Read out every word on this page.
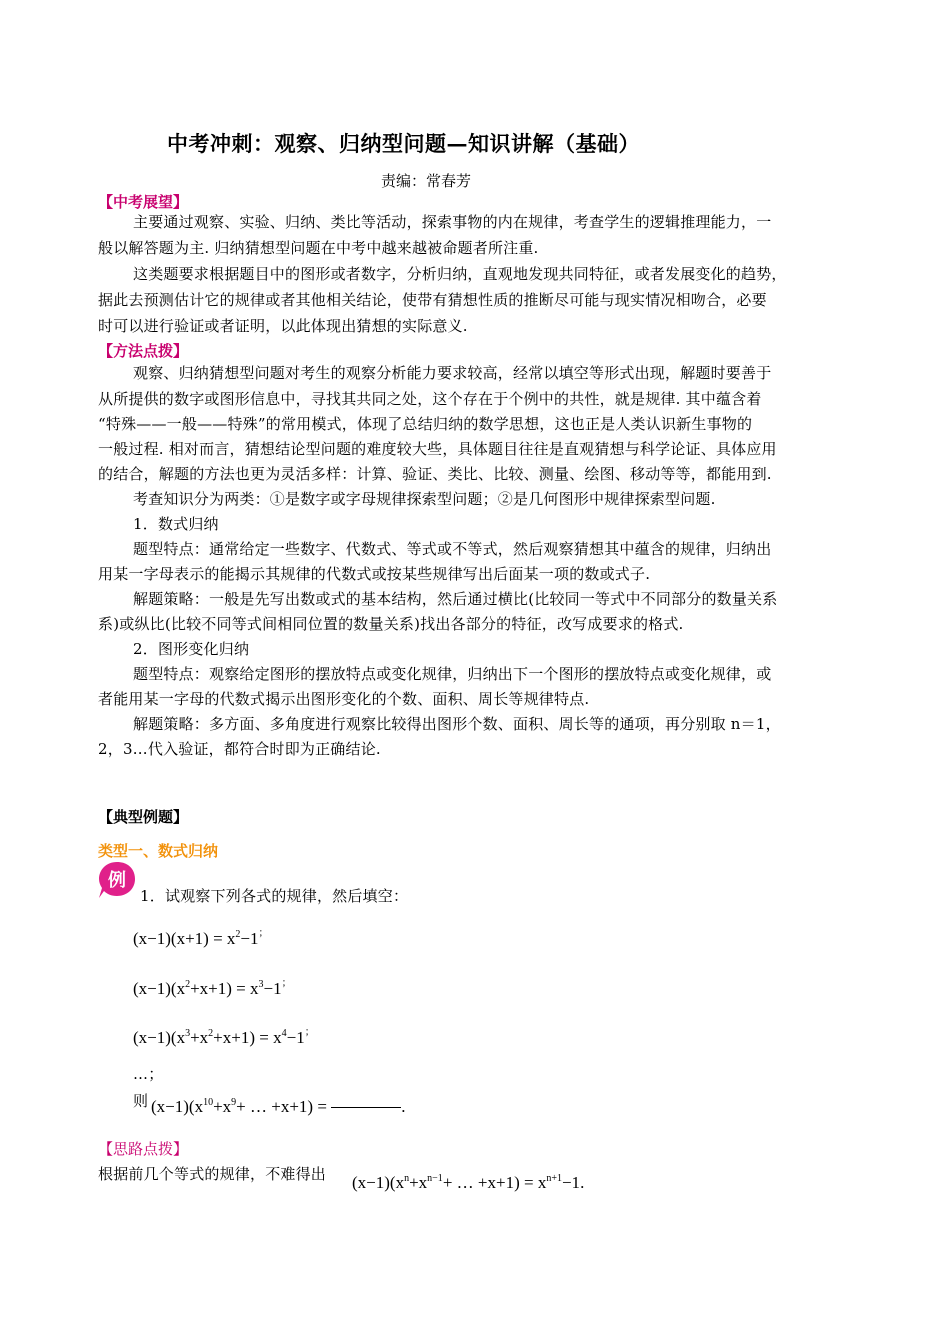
中考冲刺：观察、归纳型问题—知识讲解（基础）
责编：常春芳
【中考展望】
主要通过观察、实验、归纳、类比等活动，探索事物的内在规律，考查学生的逻辑推理能力，一
般以解答题为主. 归纳猜想型问题在中考中越来越被命题者所注重.
这类题要求根据题目中的图形或者数字，分析归纳，直观地发现共同特征，或者发展变化的趋势，
据此去预测估计它的规律或者其他相关结论，使带有猜想性质的推断尽可能与现实情况相吻合，必要
时可以进行验证或者证明，以此体现出猜想的实际意义.
【方法点拨】
观察、归纳猜想型问题对考生的观察分析能力要求较高，经常以填空等形式出现，解题时要善于
从所提供的数字或图形信息中，寻找其共同之处，这个存在于个例中的共性，就是规律. 其中蕴含着
“特殊——一般——特殊”的常用模式，体现了总结归纳的数学思想，这也正是人类认识新生事物的
一般过程. 相对而言，猜想结论型问题的难度较大些，具体题目往往是直观猜想与科学论证、具体应用
的结合，解题的方法也更为灵活多样：计算、验证、类比、比较、测量、绘图、移动等等，都能用到.
考查知识分为两类：①是数字或字母规律探索型问题；②是几何图形中规律探索型问题.
1．数式归纳
题型特点：通常给定一些数字、代数式、等式或不等式，然后观察猜想其中蕴含的规律，归纳出
用某一字母表示的能揭示其规律的代数式或按某些规律写出后面某一项的数或式子.
解题策略：一般是先写出数或式的基本结构，然后通过横比(比较同一等式中不同部分的数量关系
系)或纵比(比较不同等式间相同位置的数量关系)找出各部分的特征，改写成要求的格式.
2．图形变化归纳
题型特点：观察给定图形的摆放特点或变化规律，归纳出下一个图形的摆放特点或变化规律，或
者能用某一字母的代数式揭示出图形变化的个数、面积、周长等规律特点.
解题策略：多方面、多角度进行观察比较得出图形个数、面积、周长等的通项，再分别取 n＝1，
2，3…代入验证，都符合时即为正确结论.
【典型例题】
类型一、数式归纳
例
1．试观察下列各式的规律，然后填空：
$(x-1)(x+1) = x^2-1^;$
$(x-1)(x^2+x+1) = x^3-1^;$
$(x-1)(x^3+x^2+x+1) = x^4-1^;$
…；
则 $(x-1)(x^{10}+x^9+$ … +x+1) =	.
【思路点拨】
根据前几个等式的规律，不难得出 $(x-1)(x^n+x^{n-1}+$ … $+x+1) = x^{n+1}-1$.
